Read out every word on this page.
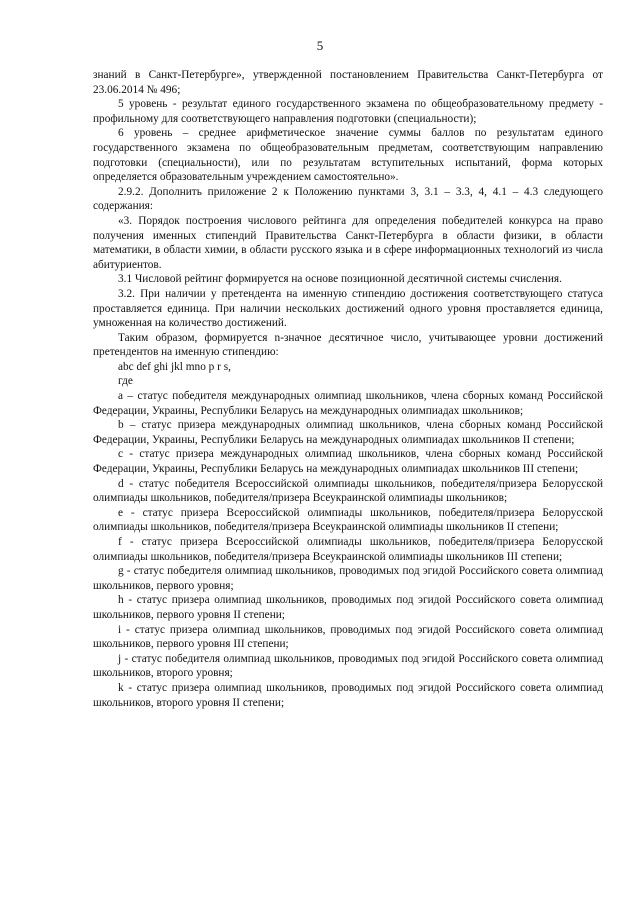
5

знаний в Санкт-Петербурге», утвержденной постановлением Правительства Санкт-Петербурга от 23.06.2014 № 496;

5 уровень - результат единого государственного экзамена по общеобразовательному предмету - профильному для соответствующего направления подготовки (специальности);

6 уровень – среднее арифметическое значение суммы баллов по результатам единого государственного экзамена по общеобразовательным предметам, соответствующим направлению подготовки (специальности), или по результатам вступительных испытаний, форма которых определяется образовательным учреждением самостоятельно».

2.9.2. Дополнить приложение 2 к Положению пунктами 3, 3.1 – 3.3, 4, 4.1 – 4.3 следующего содержания:

«3. Порядок построения числового рейтинга для определения победителей конкурса на право получения именных стипендий Правительства Санкт-Петербурга в области физики, в области математики, в области химии, в области русского языка и в сфере информационных технологий из числа абитуриентов.

3.1 Числовой рейтинг формируется на основе позиционной десятичной системы счисления.

3.2. При наличии у претендента на именную стипендию достижения соответствующего статуса проставляется единица. При наличии нескольких достижений одного уровня проставляется единица, умноженная на количество достижений.

Таким образом, формируется n-значное десятичное число, учитывающее уровни достижений претендентов на именную стипендию:

abc def ghi jkl mno p r s,

где

a – статус победителя международных олимпиад школьников, члена сборных команд Российской Федерации, Украины, Республики Беларусь на международных олимпиадах школьников;

b – статус призера международных олимпиад школьников, члена сборных команд Российской Федерации, Украины, Республики Беларусь на международных олимпиадах школьников II степени;

c - статус призера международных олимпиад школьников, члена сборных команд Российской Федерации, Украины, Республики Беларусь на международных олимпиадах школьников III степени;

d - статус победителя Всероссийской олимпиады школьников, победителя/призера Белорусской олимпиады школьников, победителя/призера Всеукраинской олимпиады школьников;

e - статус призера Всероссийской олимпиады школьников, победителя/призера Белорусской олимпиады школьников, победителя/призера Всеукраинской олимпиады школьников II степени;

f - статус призера Всероссийской олимпиады школьников, победителя/призера Белорусской олимпиады школьников, победителя/призера Всеукраинской олимпиады школьников III степени;

g - статус победителя олимпиад школьников, проводимых под эгидой Российского совета олимпиад школьников, первого уровня;

h - статус призера олимпиад школьников, проводимых под эгидой Российского совета олимпиад школьников, первого уровня II степени;

i - статус призера олимпиад школьников, проводимых под эгидой Российского совета олимпиад школьников, первого уровня III степени;

j - статус победителя олимпиад школьников, проводимых под эгидой Российского совета олимпиад школьников, второго уровня;

k - статус призера олимпиад школьников, проводимых под эгидой Российского совета олимпиад школьников, второго уровня II степени;
